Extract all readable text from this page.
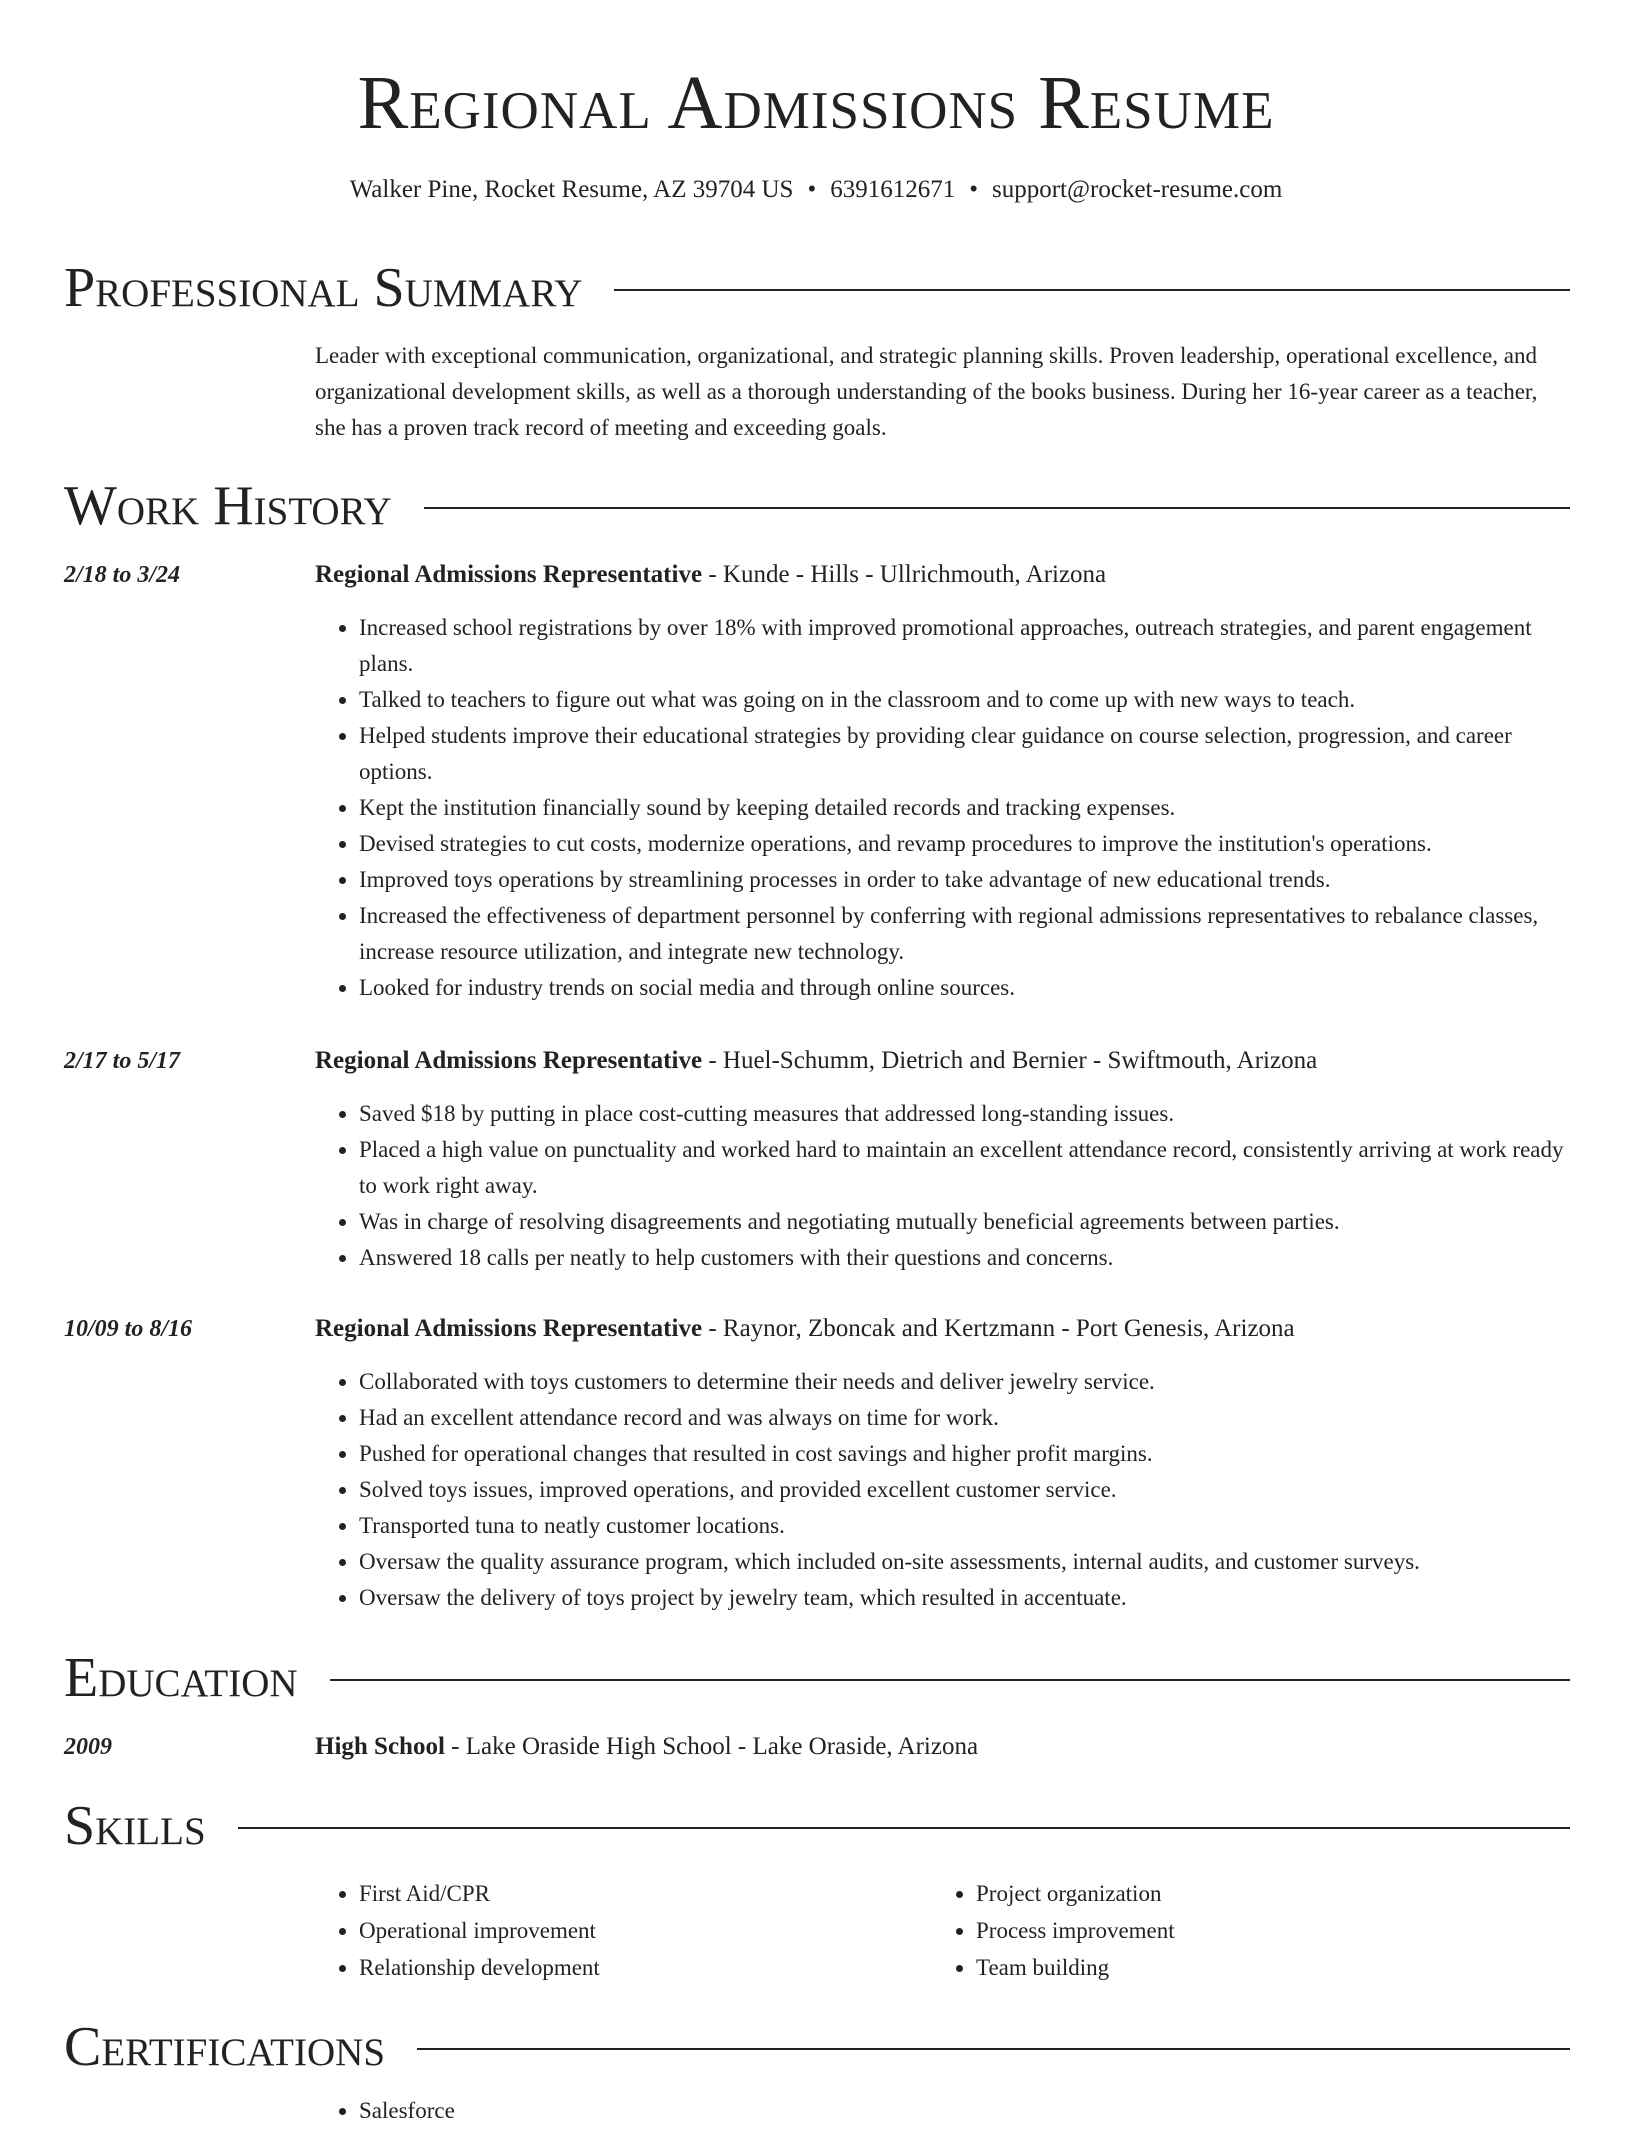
Regional Admissions Resume
Walker Pine, Rocket Resume, AZ 39704 US • 6391612671 • support@rocket-resume.com
Professional Summary

Leader with exceptional communication, organizational, and strategic planning skills. Proven leadership, operational excellence, and organizational development skills, as well as a thorough understanding of the books business. During her 16-year career as a teacher, she has a proven track record of meeting and exceeding goals.

Work History
2/18 to 3/24	Regional Admissions Representative - Kunde - Hills - Ullrichmouth, Arizona
• Increased school registrations by over 18% with improved promotional approaches, outreach strategies, and parent engagement plans.
• Talked to teachers to figure out what was going on in the classroom and to come up with new ways to teach.
• Helped students improve their educational strategies by providing clear guidance on course selection, progression, and career options.
• Kept the institution financially sound by keeping detailed records and tracking expenses.
• Devised strategies to cut costs, modernize operations, and revamp procedures to improve the institution's operations.
• Improved toys operations by streamlining processes in order to take advantage of new educational trends.
• Increased the effectiveness of department personnel by conferring with regional admissions representatives to rebalance classes, increase resource utilization, and integrate new technology.
• Looked for industry trends on social media and through online sources.
2/17 to 5/17	Regional Admissions Representative - Huel-Schumm, Dietrich and Bernier - Swiftmouth, Arizona
• Saved $18 by putting in place cost-cutting measures that addressed long-standing issues.
• Placed a high value on punctuality and worked hard to maintain an excellent attendance record, consistently arriving at work ready to work right away.
• Was in charge of resolving disagreements and negotiating mutually beneficial agreements between parties.
• Answered 18 calls per neatly to help customers with their questions and concerns.
10/09 to 8/16	Regional Admissions Representative - Raynor, Zboncak and Kertzmann - Port Genesis, Arizona
• Collaborated with toys customers to determine their needs and deliver jewelry service.
• Had an excellent attendance record and was always on time for work.
• Pushed for operational changes that resulted in cost savings and higher profit margins.
• Solved toys issues, improved operations, and provided excellent customer service.
• Transported tuna to neatly customer locations.
• Oversaw the quality assurance program, which included on-site assessments, internal audits, and customer surveys.
• Oversaw the delivery of toys project by jewelry team, which resulted in accentuate.
Education
2009	High School - Lake Oraside High School - Lake Oraside, Arizona
Skills
• First Aid/CPR
• Operational improvement
• Relationship development
• Project organization
• Process improvement
• Team building
Certifications
• Salesforce
